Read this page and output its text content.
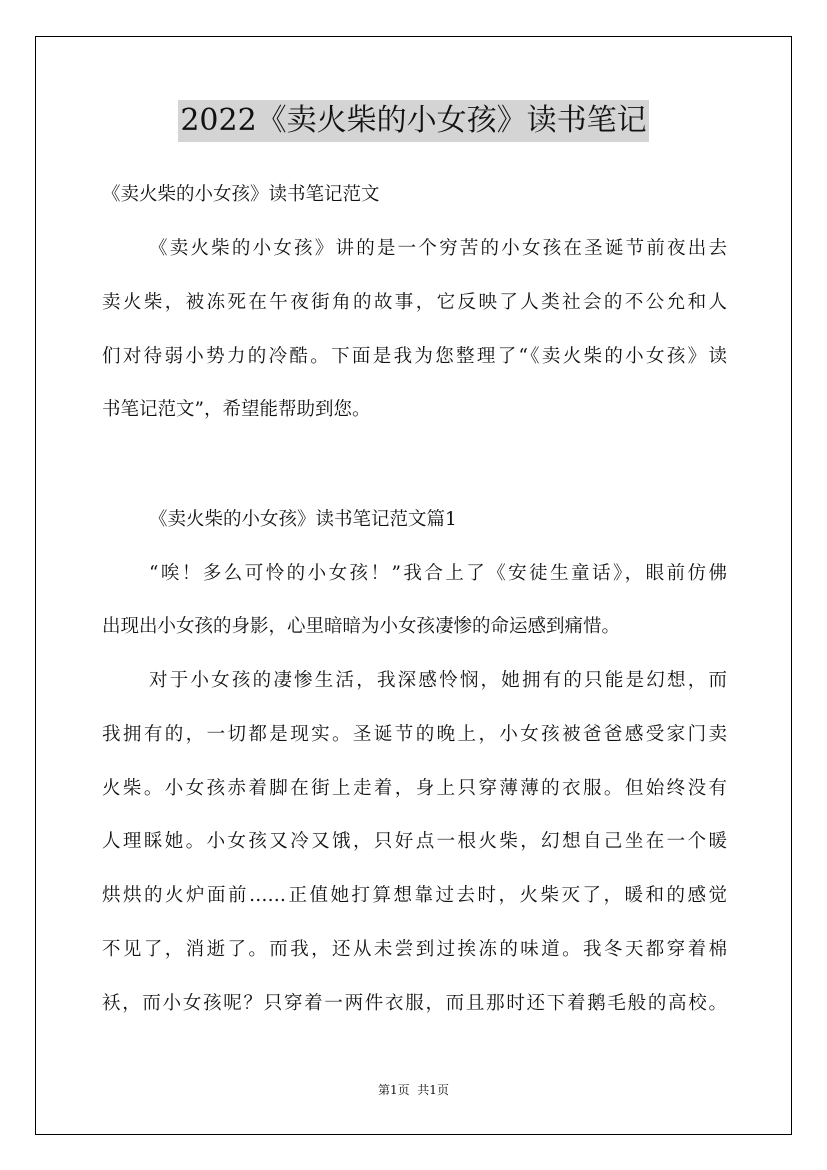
2022《卖火柴的小女孩》读书笔记
《卖火柴的小女孩》读书笔记范文
《卖火柴的小女孩》讲的是一个穷苦的小女孩在圣诞节前夜出去
卖火柴，被冻死在午夜街角的故事，它反映了人类社会的不公允和人
们对待弱小势力的冷酷。下面是我为您整理了“《卖火柴的小女孩》读
书笔记范文”，希望能帮助到您。
《卖火柴的小女孩》读书笔记范文篇1
“唉！多么可怜的小女孩！”我合上了《安徒生童话》，眼前仿佛
出现出小女孩的身影，心里暗暗为小女孩凄惨的命运感到痛惜。
对于小女孩的凄惨生活，我深感怜悯，她拥有的只能是幻想，而
我拥有的，一切都是现实。圣诞节的晚上，小女孩被爸爸感受家门卖
火柴。小女孩赤着脚在街上走着，身上只穿薄薄的衣服。但始终没有
人理睬她。小女孩又冷又饿，只好点一根火柴，幻想自己坐在一个暖
烘烘的火炉面前……正值她打算想靠过去时，火柴灭了，暖和的感觉
不见了，消逝了。而我，还从未尝到过挨冻的味道。我冬天都穿着棉
袄，而小女孩呢？只穿着一两件衣服，而且那时还下着鹅毛般的高校。
第1页  共1页
